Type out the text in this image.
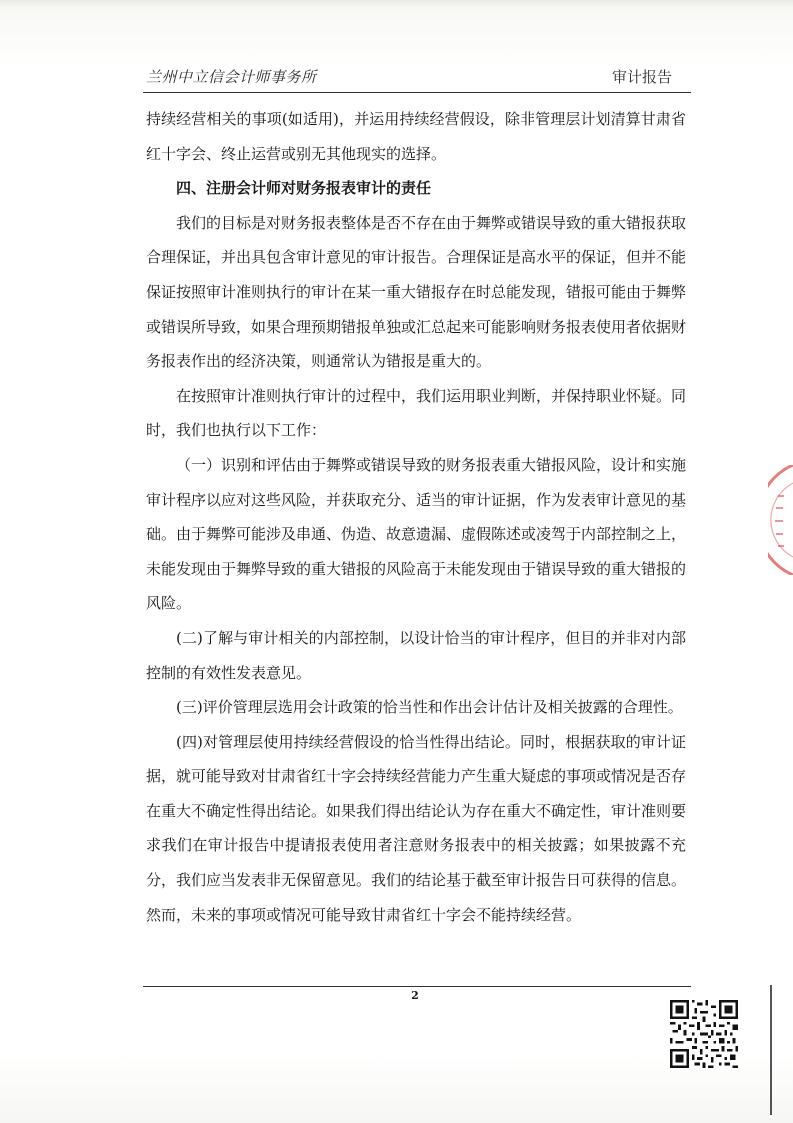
兰州中立信会计师事务所	审计报告

持续经营相关的事项(如适用)，并运用持续经营假设，除非管理层计划清算甘肃省红十字会、终止运营或别无其他现实的选择。

四、注册会计师对财务报表审计的责任

我们的目标是对财务报表整体是否不存在由于舞弊或错误导致的重大错报获取合理保证，并出具包含审计意见的审计报告。合理保证是高水平的保证，但并不能保证按照审计准则执行的审计在某一重大错报存在时总能发现，错报可能由于舞弊或错误所导致，如果合理预期错报单独或汇总起来可能影响财务报表使用者依据财务报表作出的经济决策，则通常认为错报是重大的。

在按照审计准则执行审计的过程中，我们运用职业判断，并保持职业怀疑。同时，我们也执行以下工作：

（一）识别和评估由于舞弊或错误导致的财务报表重大错报风险，设计和实施审计程序以应对这些风险，并获取充分、适当的审计证据，作为发表审计意见的基础。由于舞弊可能涉及串通、伪造、故意遗漏、虚假陈述或凌驾于内部控制之上，未能发现由于舞弊导致的重大错报的风险高于未能发现由于错误导致的重大错报的风险。

(二)了解与审计相关的内部控制，以设计恰当的审计程序，但目的并非对内部控制的有效性发表意见。

(三)评价管理层选用会计政策的恰当性和作出会计估计及相关披露的合理性。

(四)对管理层使用持续经营假设的恰当性得出结论。同时，根据获取的审计证据，就可能导致对甘肃省红十字会持续经营能力产生重大疑虑的事项或情况是否存在重大不确定性得出结论。如果我们得出结论认为存在重大不确定性，审计准则要求我们在审计报告中提请报表使用者注意财务报表中的相关披露；如果披露不充分，我们应当发表非无保留意见。我们的结论基于截至审计报告日可获得的信息。然而，未来的事项或情况可能导致甘肃省红十字会不能持续经营。

2
